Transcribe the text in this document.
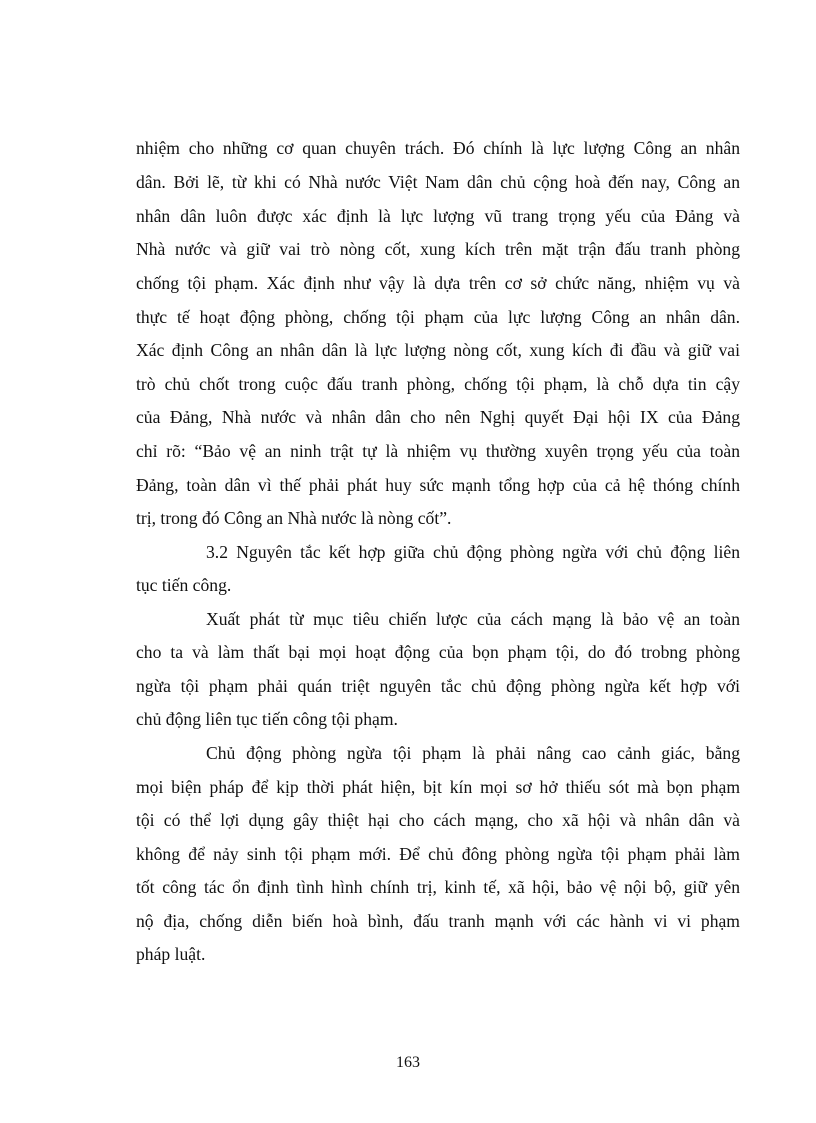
nhiệm cho những cơ quan chuyên trách. Đó chính là lực lượng Công an nhân
dân. Bởi lẽ, từ khi có Nhà nước Việt Nam dân chủ cộng hoà đến nay, Công an
nhân dân luôn được xác định là lực lượng vũ trang trọng yếu của Đảng và
Nhà nước và giữ vai trò nòng cốt, xung kích trên mặt trận đấu tranh phòng
chống tội phạm. Xác định như vậy là dựa trên cơ sở chức năng, nhiệm vụ và
thực tế hoạt động phòng, chống tội phạm của lực lượng Công an nhân dân.
Xác định Công an nhân dân là lực lượng nòng cốt, xung kích đi đầu và giữ vai
trò chủ chốt trong cuộc đấu tranh phòng, chống tội phạm, là chỗ dựa tin cậy
của Đảng, Nhà nước và nhân dân cho nên Nghị quyết Đại hội IX của Đảng
chỉ rõ: “Bảo vệ an ninh trật tự là nhiệm vụ thường xuyên trọng yếu của toàn
Đảng, toàn dân vì thế phải phát huy sức mạnh tổng hợp của cả hệ thóng chính
trị, trong đó Công an Nhà nước là nòng cốt”.
3.2 Nguyên tắc kết hợp giữa chủ động phòng ngừa với chủ động liên
tục tiến công.
Xuất phát từ mục tiêu chiến lược của cách mạng là bảo vệ an toàn
cho ta và làm thất bại mọi hoạt động của bọn phạm tội, do đó trobng phòng
ngừa tội phạm phải quán triệt nguyên tắc chủ động phòng ngừa kết hợp với
chủ động liên tục tiến công tội phạm.
Chủ động phòng ngừa tội phạm là phải nâng cao cảnh giác, bằng
mọi biện pháp để kịp thời phát hiện, bịt kín mọi sơ hở thiếu sót mà bọn phạm
tội có thể lợi dụng gây thiệt hại cho cách mạng, cho xã hội và nhân dân và
không để nảy sinh tội phạm mới. Để chủ đông phòng ngừa tội phạm phải làm
tốt công tác ổn định tình hình chính trị, kinh tế, xã hội, bảo vệ nội bộ, giữ yên
nộ địa, chống diễn biến hoà bình, đấu tranh mạnh với các hành vi vi phạm
pháp luật.
163
